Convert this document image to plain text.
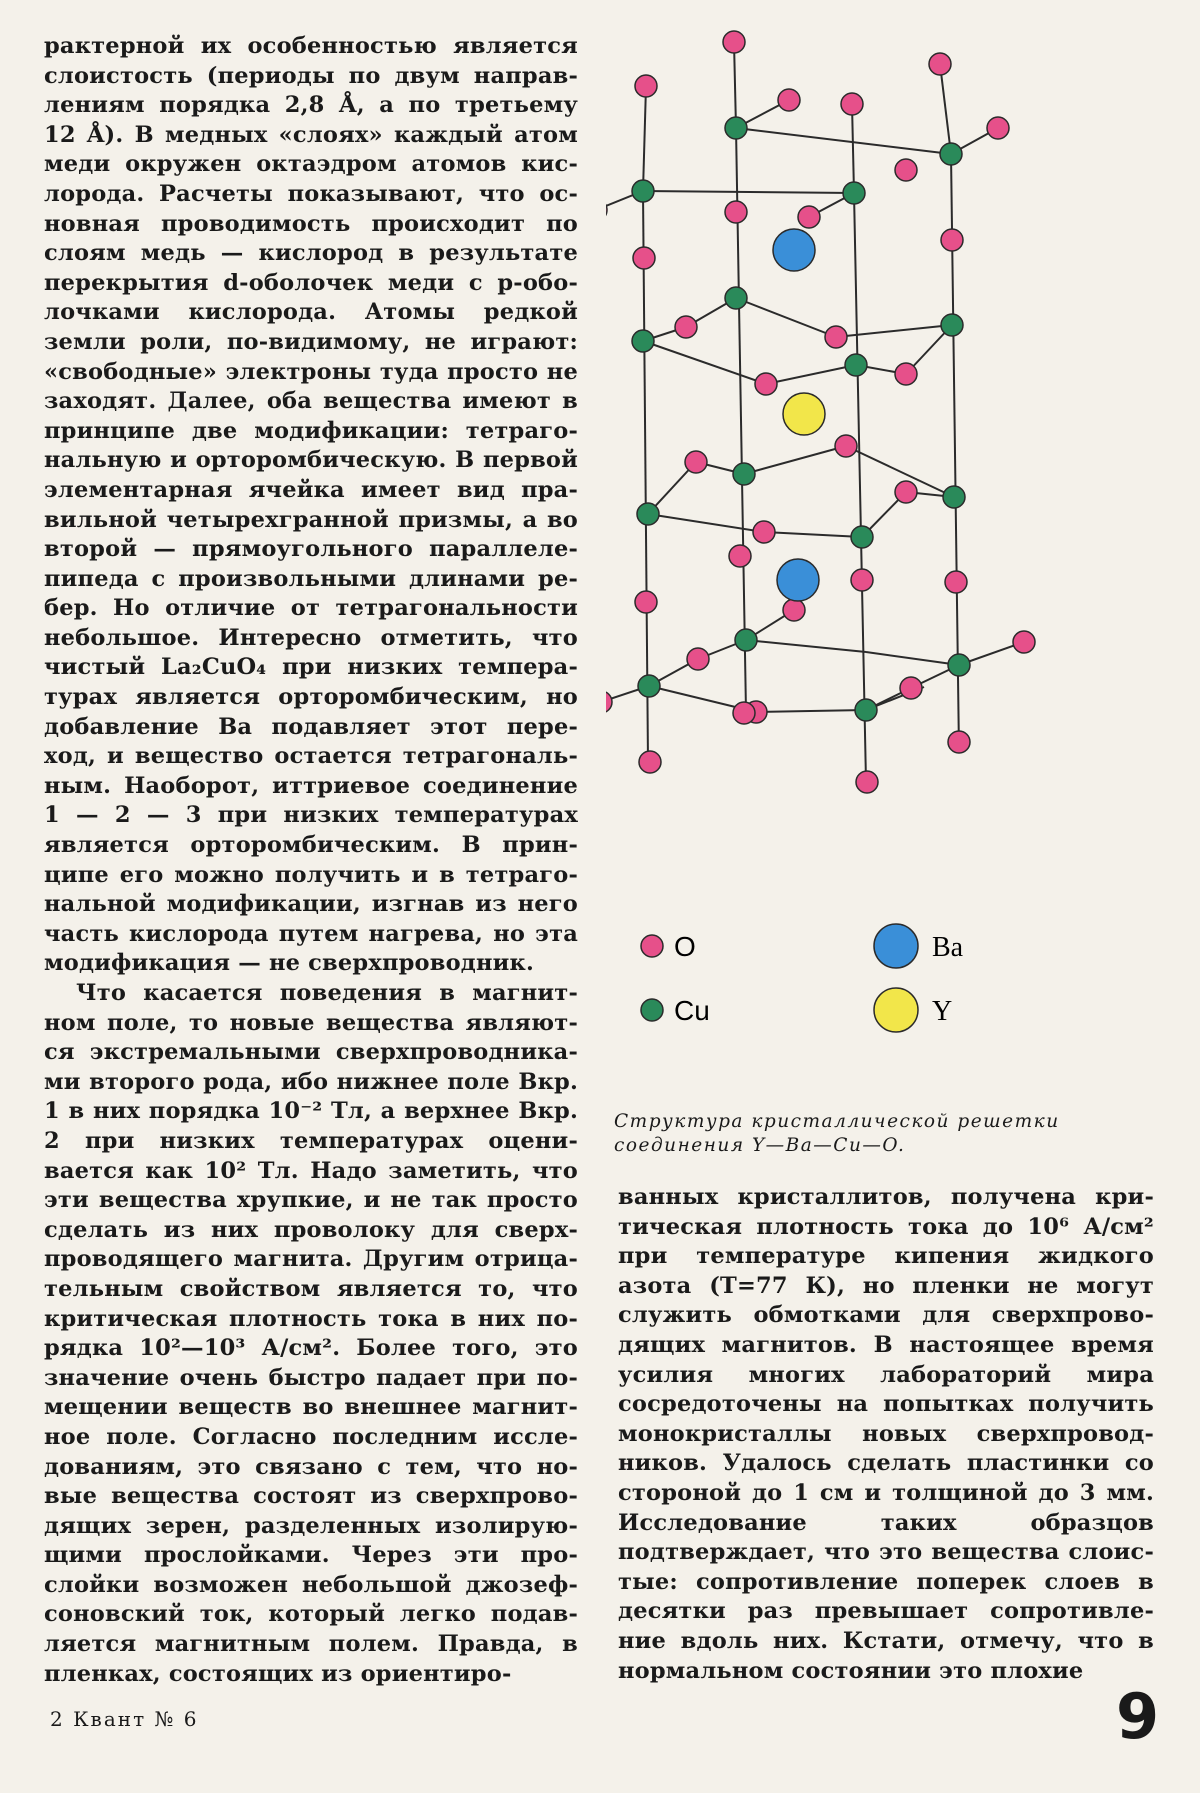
рактерной их особенностью является слоистость (периоды по двум направ- лениям порядка 2,8 Å, а по третьему 12 Å). В медных «слоях» каждый атом меди окружен октаэдром атомов кис- лорода. Расчеты показывают, что ос- новная проводимость происходит по слоям медь — кислород в результате перекрытия d-оболочек меди с p-обо- лочками кислорода. Атомы редкой земли роли, по-видимому, не играют: «свободные» электроны туда просто не заходят. Далее, оба вещества имеют в принципе две модификации: тетраго- нальную и орторомбическую. В первой элементарная ячейка имеет вид пра- вильной четырехгранной призмы, а во второй — прямоугольного параллеле- пипеда с произвольными длинами ре- бер. Но отличие от тетрагональности небольшое. Интересно отметить, что чистый La₂CuO₄ при низких темпера- турах является орторомбическим, но добавление Ba подавляет этот пере- ход, и вещество остается тетрагональ- ным. Наоборот, иттриевое соединение 1 — 2 — 3 при низких температурах является орторомбическим. В прин- ципе его можно получить и в тетраго- нальной модификации, изгнав из него часть кислорода путем нагрева, но эта модификация — не сверхпроводник.

Что касается поведения в магнит- ном поле, то новые вещества являют- ся экстремальными сверхпроводника- ми второго рода, ибо нижнее поле Bкр. 1 в них порядка 10⁻² Тл, а верхнее Bкр. 2 при низких температурах оцени- вается как 10² Тл. Надо заметить, что эти вещества хрупкие, и не так просто сделать из них проволоку для сверх- проводящего магнита. Другим отрица- тельным свойством является то, что критическая плотность тока в них по- рядка 10²—10³ А/см². Более того, это значение очень быстро падает при по- мещении веществ во внешнее магнит- ное поле. Согласно последним иссле- дованиям, это связано с тем, что но- вые вещества состоят из сверхпрово- дящих зерен, разделенных изолирую- щими прослойками. Через эти про- слойки возможен небольшой джозеф- соновский ток, который легко подав- ляется магнитным полем. Правда, в пленках, состоящих из ориентиро-

O
Cu
Ba
Y
Структура кристаллической решетки соединения Y—Ba—Cu—O.

ванных кристаллитов, получена кри- тическая плотность тока до 10⁶ А/см² при температуре кипения жидкого азота (T=77 К), но пленки не могут служить обмотками для сверхпрово- дящих магнитов. В настоящее время усилия многих лабораторий мира сосредоточены на попытках получить монокристаллы новых сверхпровод- ников. Удалось сделать пластинки со стороной до 1 см и толщиной до 3 мм. Исследование таких образцов подтверждает, что это вещества слоис- тые: сопротивление поперек слоев в десятки раз превышает сопротивле- ние вдоль них. Кстати, отмечу, что в нормальном состоянии это плохие

2 Квант № 6	9
